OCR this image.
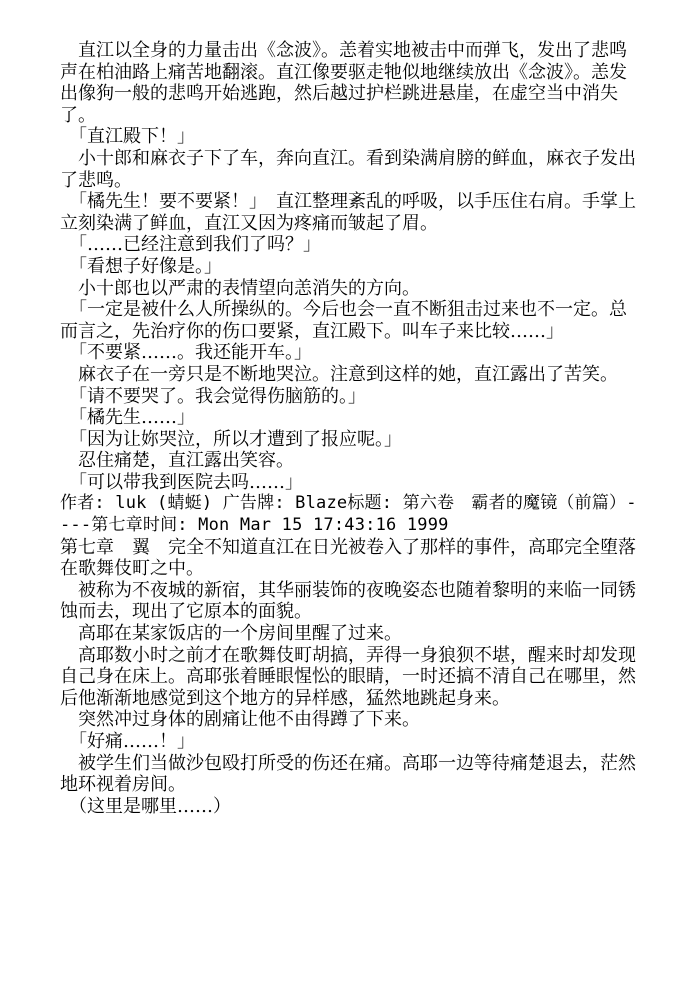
　直江以全身的力量击出《念波》。恙着实地被击中而弹飞，发出了悲鸣声在柏油路上痛苦地翻滚。直江像要驱走牠似地继续放出《念波》。恙发出像狗一般的悲鸣开始逃跑，然后越过护栏跳进悬崖，在虚空当中消失了。

　「直江殿下！」

　小十郎和麻衣子下了车，奔向直江。看到染满肩膀的鲜血，麻衣子发出了悲鸣。

　「橘先生！要不要紧！」　直江整理紊乱的呼吸，以手压住右肩。手掌上立刻染满了鲜血，直江又因为疼痛而皱起了眉。

　「……已经注意到我们了吗？」

　「看想子好像是。」

　小十郎也以严肃的表情望向恙消失的方向。

　「一定是被什么人所操纵的。今后也会一直不断狙击过来也不一定。总而言之，先治疗你的伤口要紧，直江殿下。叫车子来比较……」

　「不要紧……。我还能开车。」

　麻衣子在一旁只是不断地哭泣。注意到这样的她，直江露出了苦笑。

　「请不要哭了。我会觉得伤脑筋的。」

　「橘先生……」

　「因为让妳哭泣，所以才遭到了报应呢。」

　忍住痛楚，直江露出笑容。

　「可以带我到医院去吗……」

作者: luk (蜻蜓) 广告牌: Blaze标题: 第六卷　霸者的魔镜（前篇）----第七章时间: Mon Mar 15 17:43:16 1999

第七章　翼　完全不知道直江在日光被卷入了那样的事件，高耶完全堕落在歌舞伎町之中。

　被称为不夜城的新宿，其华丽装饰的夜晚姿态也随着黎明的来临一同锈蚀而去，现出了它原本的面貌。

　高耶在某家饭店的一个房间里醒了过来。

　高耶数小时之前才在歌舞伎町胡搞，弄得一身狼狈不堪，醒来时却发现自己身在床上。高耶张着睡眼惺忪的眼睛，一时还搞不清自己在哪里，然后他渐渐地感觉到这个地方的异样感，猛然地跳起身来。

　突然冲过身体的剧痛让他不由得蹲了下来。

　「好痛……！」

　被学生们当做沙包殴打所受的伤还在痛。高耶一边等待痛楚退去，茫然地环视着房间。

　（这里是哪里……）
